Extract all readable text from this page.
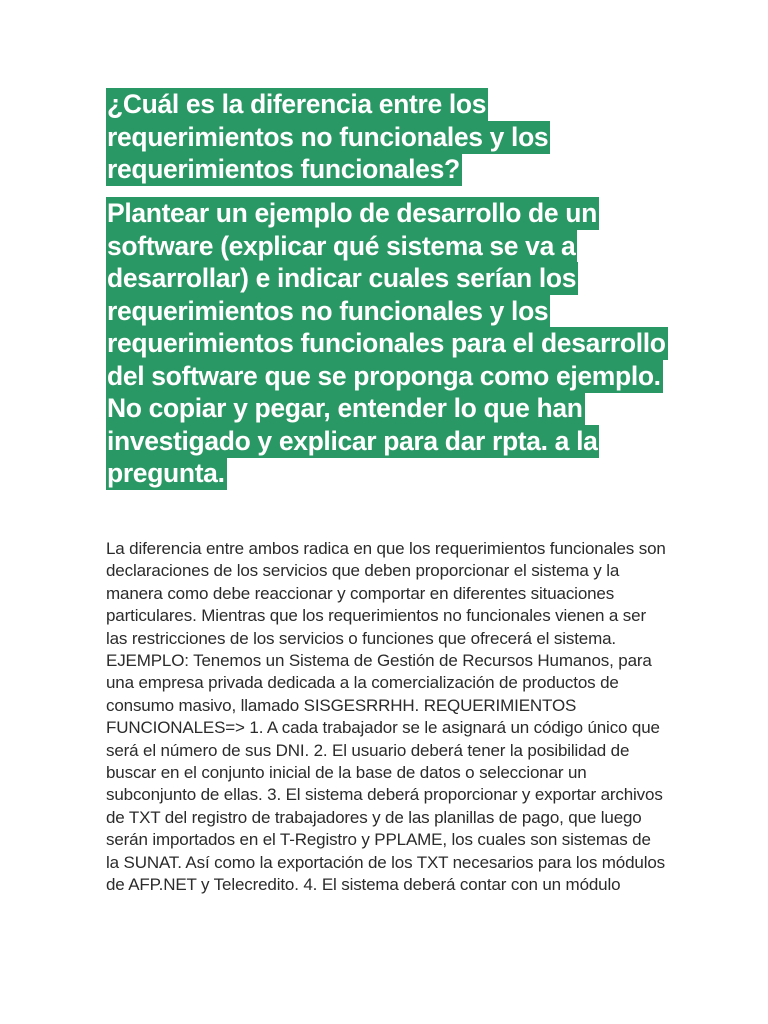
¿Cuál es la diferencia entre los requerimientos no funcionales y los requerimientos funcionales?
Plantear un ejemplo de desarrollo de un software (explicar qué sistema se va a desarrollar) e indicar cuales serían los requerimientos no funcionales y los requerimientos funcionales para el desarrollo del software que se proponga como ejemplo. No copiar y pegar, entender lo que han investigado y explicar para dar rpta. a la pregunta.

La diferencia entre ambos radica en que los requerimientos funcionales son declaraciones de los servicios que deben proporcionar el sistema y la manera como debe reaccionar y comportar en diferentes situaciones particulares. Mientras que los requerimientos no funcionales vienen a ser las restricciones de los servicios o funciones que ofrecerá el sistema. EJEMPLO: Tenemos un Sistema de Gestión de Recursos Humanos, para una empresa privada dedicada a la comercialización de productos de consumo masivo, llamado SISGESRRHH. REQUERIMIENTOS FUNCIONALES=> 1. A cada trabajador se le asignará un código único que será el número de sus DNI. 2. El usuario deberá tener la posibilidad de buscar en el conjunto inicial de la base de datos o seleccionar un subconjunto de ellas. 3. El sistema deberá proporcionar y exportar archivos de TXT del registro de trabajadores y de las planillas de pago, que luego serán importados en el T-Registro y PPLAME, los cuales son sistemas de la SUNAT. Así como la exportación de los TXT necesarios para los módulos de AFP.NET y Telecredito. 4. El sistema deberá contar con un módulo
